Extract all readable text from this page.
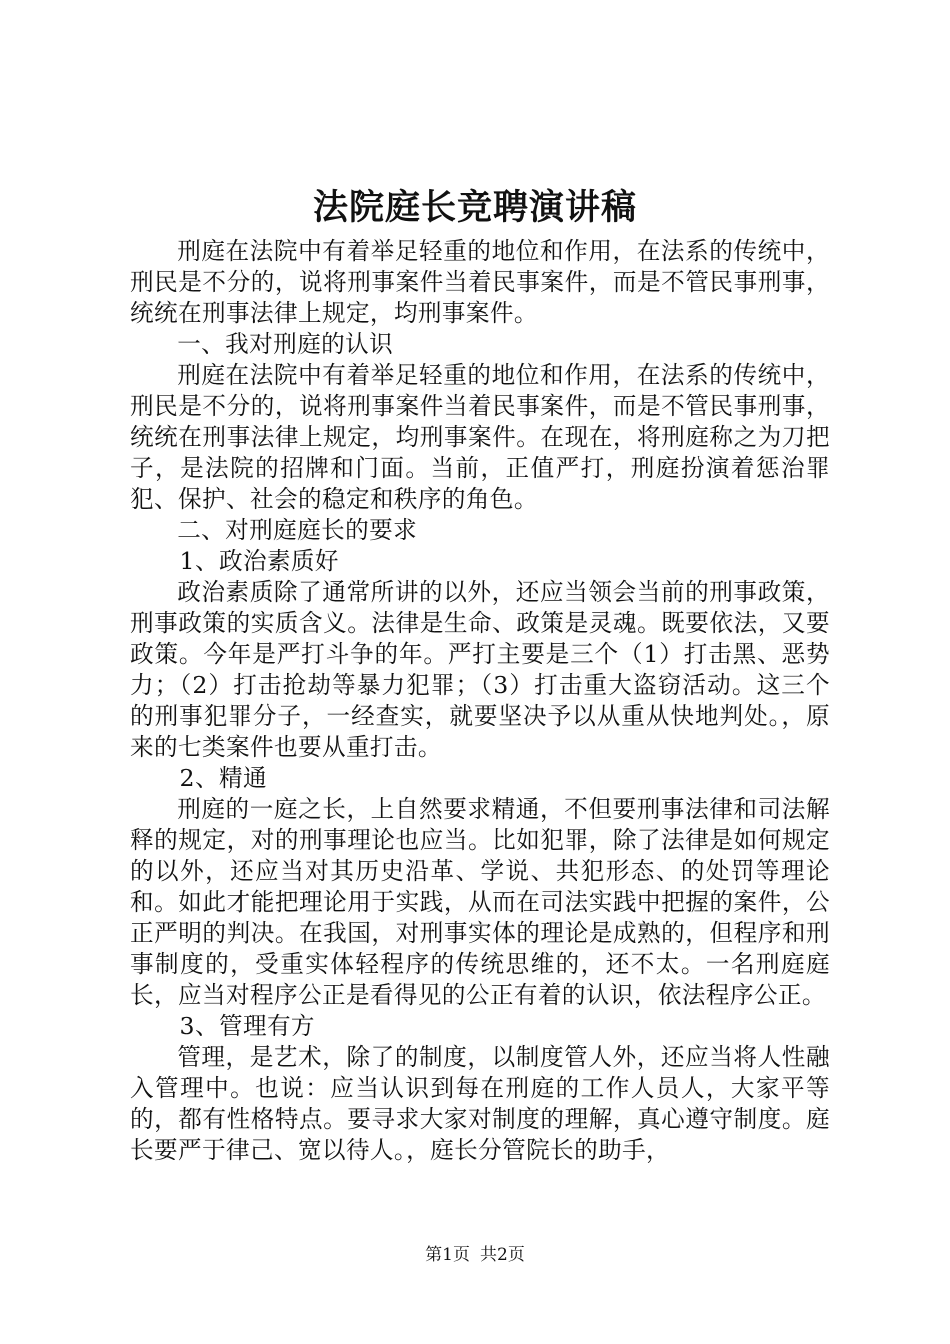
法院庭长竞聘演讲稿

刑庭在法院中有着举足轻重的地位和作用，在法系的传统中，刑民是不分的，说将刑事案件当着民事案件，而是不管民事刑事，统统在刑事法律上规定，均刑事案件。

一、我对刑庭的认识

刑庭在法院中有着举足轻重的地位和作用，在法系的传统中，刑民是不分的，说将刑事案件当着民事案件，而是不管民事刑事，统统在刑事法律上规定，均刑事案件。在现在，将刑庭称之为刀把子，是法院的招牌和门面。当前，正值严打，刑庭扮演着惩治罪犯、保护、社会的稳定和秩序的角色。

二、对刑庭庭长的要求

1、政治素质好

政治素质除了通常所讲的以外，还应当领会当前的刑事政策，刑事政策的实质含义。法律是生命、政策是灵魂。既要依法，又要政策。今年是严打斗争的年。严打主要是三个（1）打击黑、恶势力；（2）打击抢劫等暴力犯罪；（3）打击重大盗窃活动。这三个的刑事犯罪分子，一经查实，就要坚决予以从重从快地判处。，原来的七类案件也要从重打击。

2、精通

刑庭的一庭之长，上自然要求精通，不但要刑事法律和司法解释的规定，对的刑事理论也应当。比如犯罪，除了法律是如何规定的以外，还应当对其历史沿革、学说、共犯形态、的处罚等理论和。如此才能把理论用于实践，从而在司法实践中把握的案件，公正严明的判决。在我国，对刑事实体的理论是成熟的，但程序和刑事制度的，受重实体轻程序的传统思维的，还不太。一名刑庭庭长，应当对程序公正是看得见的公正有着的认识，依法程序公正。

3、管理有方

管理，是艺术，除了的制度，以制度管人外，还应当将人性融入管理中。也说：应当认识到每在刑庭的工作人员人，大家平等的，都有性格特点。要寻求大家对制度的理解，真心遵守制度。庭长要严于律己、宽以待人。，庭长分管院长的助手，

第1页 共2页
